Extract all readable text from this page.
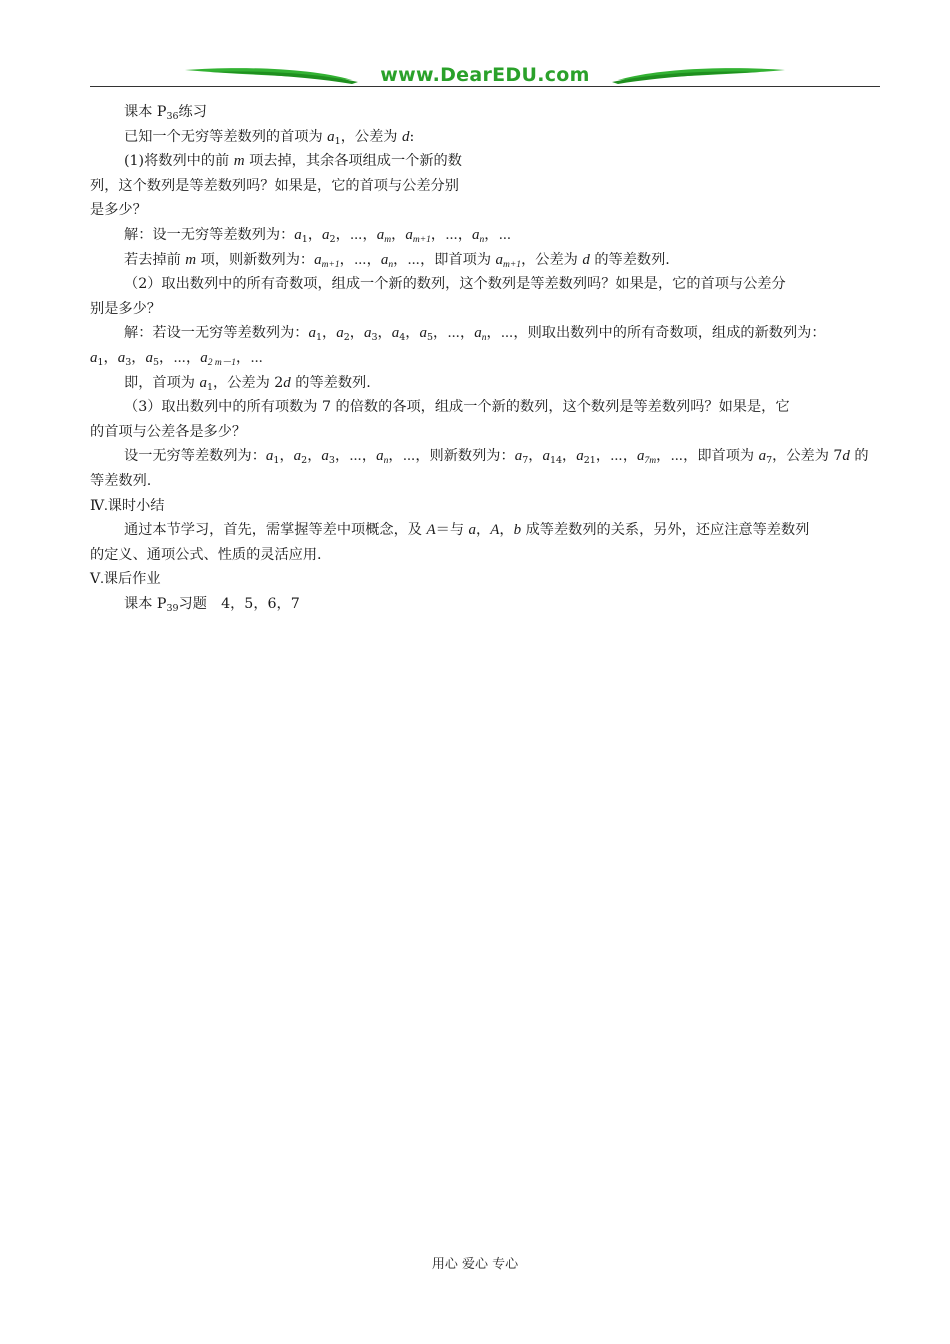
www.DearEDU.com

课本 $P_{36}$练习

已知一个无穷等差数列的首项为 $a_1$，公差为 d:

(1)将数列中的前 m 项去掉，其余各项组成一个新的数

列，这个数列是等差数列吗？如果是，它的首项与公差分别

是多少？

解：设一无穷等差数列为：$a_1$，$a_2$，⋯，$a_m$，$a_{m+1}$，⋯，$a_n$，⋯

若去掉前 m 项，则新数列为：$a_{m+1}$，⋯，$a_n$，⋯，即首项为 $a_{m+1}$，公差为 d 的等差数列.

（2）取出数列中的所有奇数项，组成一个新的数列，这个数列是等差数列吗？如果是，它的首项与公差分

别是多少？

解：若设一无穷等差数列为：$a_1$，$a_2$，$a_3$，$a_4$，$a_5$，⋯，$a_n$，⋯，则取出数列中的所有奇数项，组成的新数列为：

$a_1$，$a_3$，$a_5$，⋯，$a_{2 m-1}$，⋯

即，首项为 $a_1$，公差为 2d 的等差数列.

（3）取出数列中的所有项数为 7 的倍数的各项，组成一个新的数列，这个数列是等差数列吗？如果是，它

的首项与公差各是多少？

设一无穷等差数列为：$a_1$，$a_2$，$a_3$，⋯，$a_n$，⋯，则新数列为：$a_7$，$a_{14}$，$a_{21}$，⋯，$a_{7m}$，⋯，即首项为 $a_7$，公差为 7d 的

等差数列.

Ⅳ.课时小结

通过本节学习，首先，需掌握等差中项概念，及 A＝与 a，A，b 成等差数列的关系，另外，还应注意等差数列

的定义、通项公式、性质的灵活应用.

Ⅴ.课后作业

课本 $P_{39}$习题　4，5，6，7

用心 爱心 专心
